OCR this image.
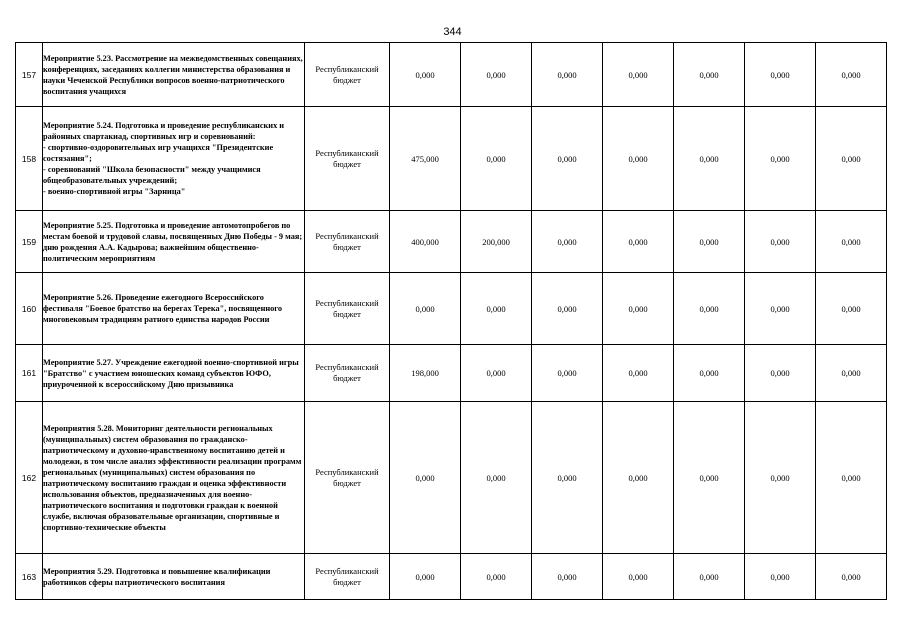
344
157	Мероприятие 5.23. Рассмотрение на межведомственных совещаниях, конференциях, заседаниях коллегии министерства образования и науки Чеченской Республики вопросов военно-патриотического воспитания учащихся	Республиканский бюджет	0,000	0,000	0,000	0,000	0,000	0,000	0,000
158	Мероприятие 5.24. Подготовка и проведение республиканских и районных спартакиад, спортивных игр и соревнований:
- спортивно-оздоровительных игр учащихся "Президентские состязания";
- соревнований "Школа безопасности" между учащимися общеобразовательных учреждений;
- военно-спортивной игры "Зарница"	Республиканский бюджет	475,000	0,000	0,000	0,000	0,000	0,000	0,000
159	Мероприятие 5.25. Подготовка и проведение автомотопробегов по местам боевой и трудовой славы, посвященных Дню Победы - 9 мая; дню рождения А.А. Кадырова; важнейшим общественно-политическим мероприятиям	Республиканский бюджет	400,000	200,000	0,000	0,000	0,000	0,000	0,000
160	Мероприятие 5.26. Проведение ежегодного Всероссийского фестиваля "Боевое братство на берегах Терека", посвященного многовековым традициям ратного единства народов России	Республиканский бюджет	0,000	0,000	0,000	0,000	0,000	0,000	0,000
161	Мероприятие 5.27. Учреждение ежегодной военно-спортивной игры "Братство" с участием юношеских команд субъектов ЮФО, приуроченной к всероссийскому Дню призывника	Республиканский бюджет	198,000	0,000	0,000	0,000	0,000	0,000	0,000
162	Мероприятия 5.28. Мониторинг деятельности региональных (муниципальных) систем образования по гражданско-патриотическому и духовно-нравственному воспитанию детей и молодежи, в том числе анализ эффективности реализации программ региональных (муниципальных) систем образования по патриотическому воспитанию граждан и оценка эффективности использования объектов, предназначенных для военно-патриотического воспитания и подготовки граждан к военной службе, включая образовательные организации, спортивные и спортивно-технические объекты	Республиканский бюджет	0,000	0,000	0,000	0,000	0,000	0,000	0,000
163	Мероприятия 5.29. Подготовка и повышение квалификации работников сферы патриотического воспитания	Республиканский бюджет	0,000	0,000	0,000	0,000	0,000	0,000	0,000
